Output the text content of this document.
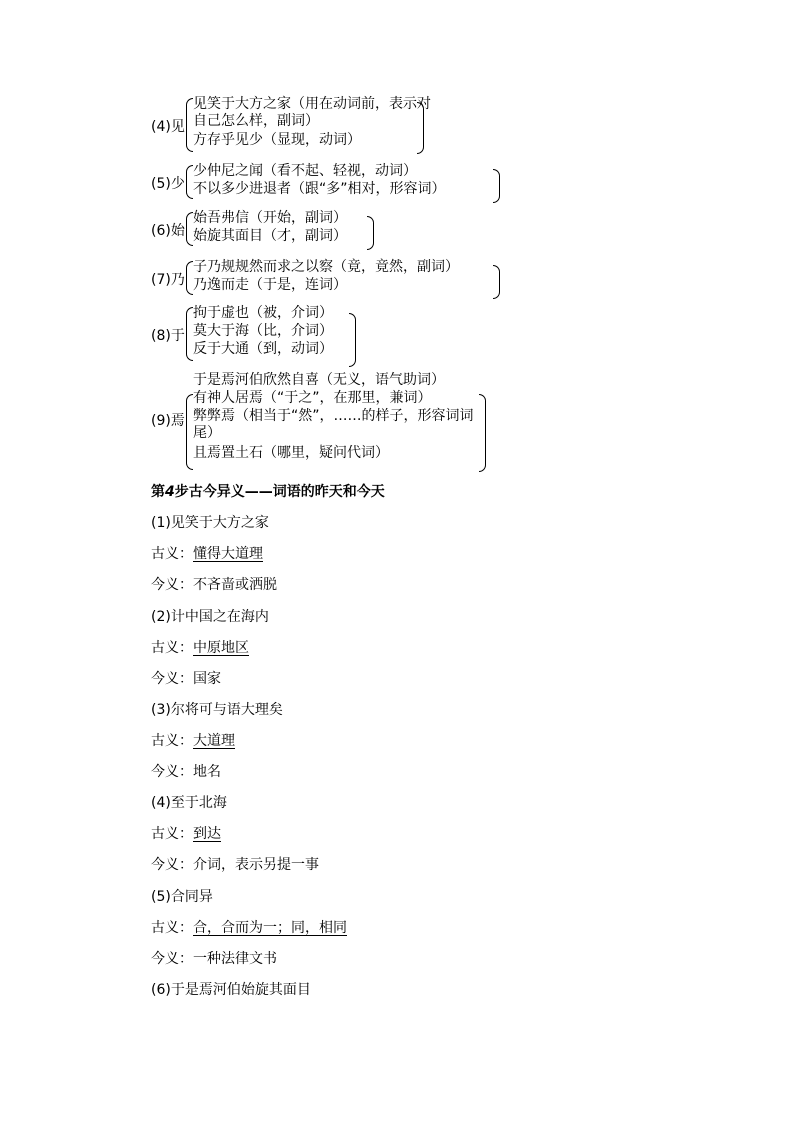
(4)见
见笑于大方之家（用在动词前，表示对自己怎么样，副词）
方存乎见少（显现，动词）
(5)少
少仲尼之闻（看不起、轻视，动词）
不以多少进退者（跟“多”相对，形容词）
(6)始
始吾弗信（开始，副词）
始旋其面目（才，副词）
(7)乃
子乃规规然而求之以察（竟，竟然，副词）
乃逸而走（于是，连词）
(8)于
拘于虚也（被，介词）
莫大于海（比，介词）
反于大通（到，动词）
(9)焉
于是焉河伯欣然自喜（无义，语气助词）
有神人居焉（“于之”，在那里，兼词）
弊弊焉（相当于“然”，……的样子，形容词词尾）
且焉置土石（哪里，疑问代词）
第4步古今异义——词语的昨天和今天
(1)见笑于大方之家
古义：懂得大道理
今义：不吝啬或洒脱
(2)计中国之在海内
古义：中原地区
今义：国家
(3)尔将可与语大理矣
古义：大道理
今义：地名
(4)至于北海
古义：到达
今义：介词，表示另提一事
(5)合同异
古义：合，合而为一；同，相同
今义：一种法律文书
(6)于是焉河伯始旋其面目
